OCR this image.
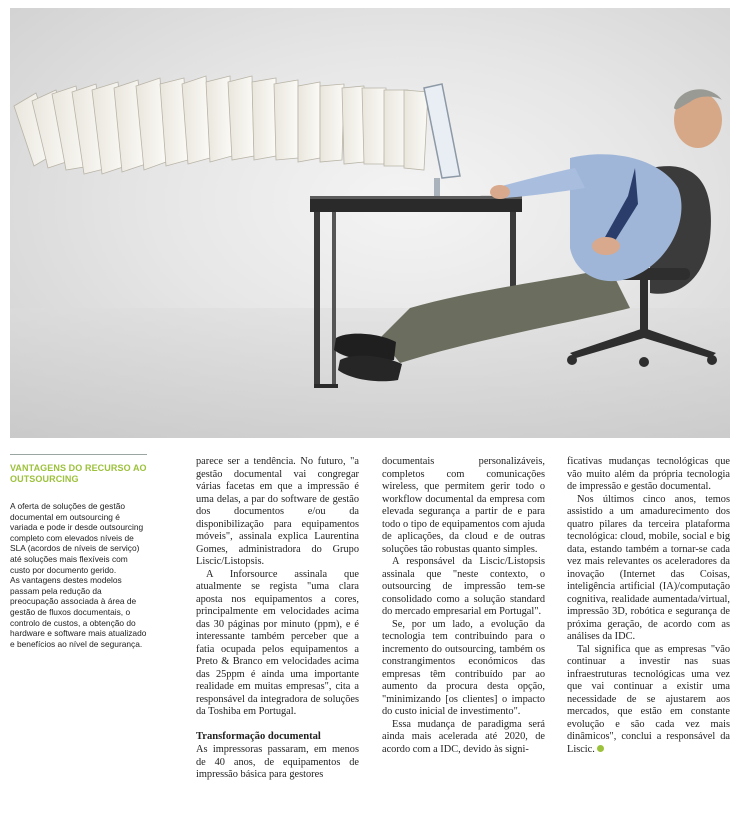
VANTAGENS DO RECURSO AO OUTSOURCING

A oferta de soluções de gestão documental em outsourcing é variada e pode ir desde outsourcing completo com elevados níveis de SLA (acordos de níveis de serviço) até soluções mais flexíveis com custo por documento gerido.

As vantagens destes modelos passam pela redução da preocupação associada à área de gestão de fluxos documentais, o controlo de custos, a obtenção do hardware e software mais atualizado e benefícios ao nível de segurança.

parece ser a tendência. No futuro, "a gestão documental vai congregar várias facetas em que a impressão é uma delas, a par do software de gestão dos documentos e/ou da disponibilização para equipamentos móveis", assinala explica Laurentina Gomes, administradora do Grupo Liscic/Listopsis.

A Inforsource assinala que atualmente se regista "uma clara aposta nos equipamentos a cores, principalmente em velocidades acima das 30 páginas por minuto (ppm), e é interessante também perceber que a fatia ocupada pelos equipamentos a Preto & Branco em velocidades acima das 25ppm é ainda uma importante realidade em muitas empresas", cita a responsável da integradora de soluções da Toshiba em Portugal.

Transformação documental

As impressoras passaram, em menos de 40 anos, de equipamentos de impressão básica para gestores

documentais personalizáveis, completos com comunicações wireless, que permitem gerir todo o workflow documental da empresa com elevada segurança a partir de e para todo o tipo de equipamentos com ajuda de aplicações, da cloud e de outras soluções tão robustas quanto simples.

A responsável da Liscic/Listopsis assinala que "neste contexto, o outsourcing de impressão tem-se consolidado como a solução standard do mercado empresarial em Portugal".

Se, por um lado, a evolução da tecnologia tem contribuindo para o incremento do outsourcing, também os constrangimentos económicos das empresas têm contribuído par ao aumento da procura desta opção, "minimizando [os clientes] o impacto do custo inicial de investimento".

Essa mudança de paradigma será ainda mais acelerada até 2020, de acordo com a IDC, devido às signi-

ficativas mudanças tecnológicas que vão muito além da própria tecnologia de impressão e gestão documental.

Nos últimos cinco anos, temos assistido a um amadurecimento dos quatro pilares da terceira plataforma tecnológica: cloud, mobile, social e big data, estando também a tornar-se cada vez mais relevantes os aceleradores da inovação (Internet das Coisas, inteligência artificial (IA)/computação cognitiva, realidade aumentada/virtual, impressão 3D, robótica e segurança de próxima geração, de acordo com as análises da IDC.

Tal significa que as empresas "vão continuar a investir nas suas infraestruturas tecnológicas uma vez que vai continuar a existir uma necessidade de se ajustarem aos mercados, que estão em constante evolução e são cada vez mais dinâmicos", conclui a responsável da Liscic.
